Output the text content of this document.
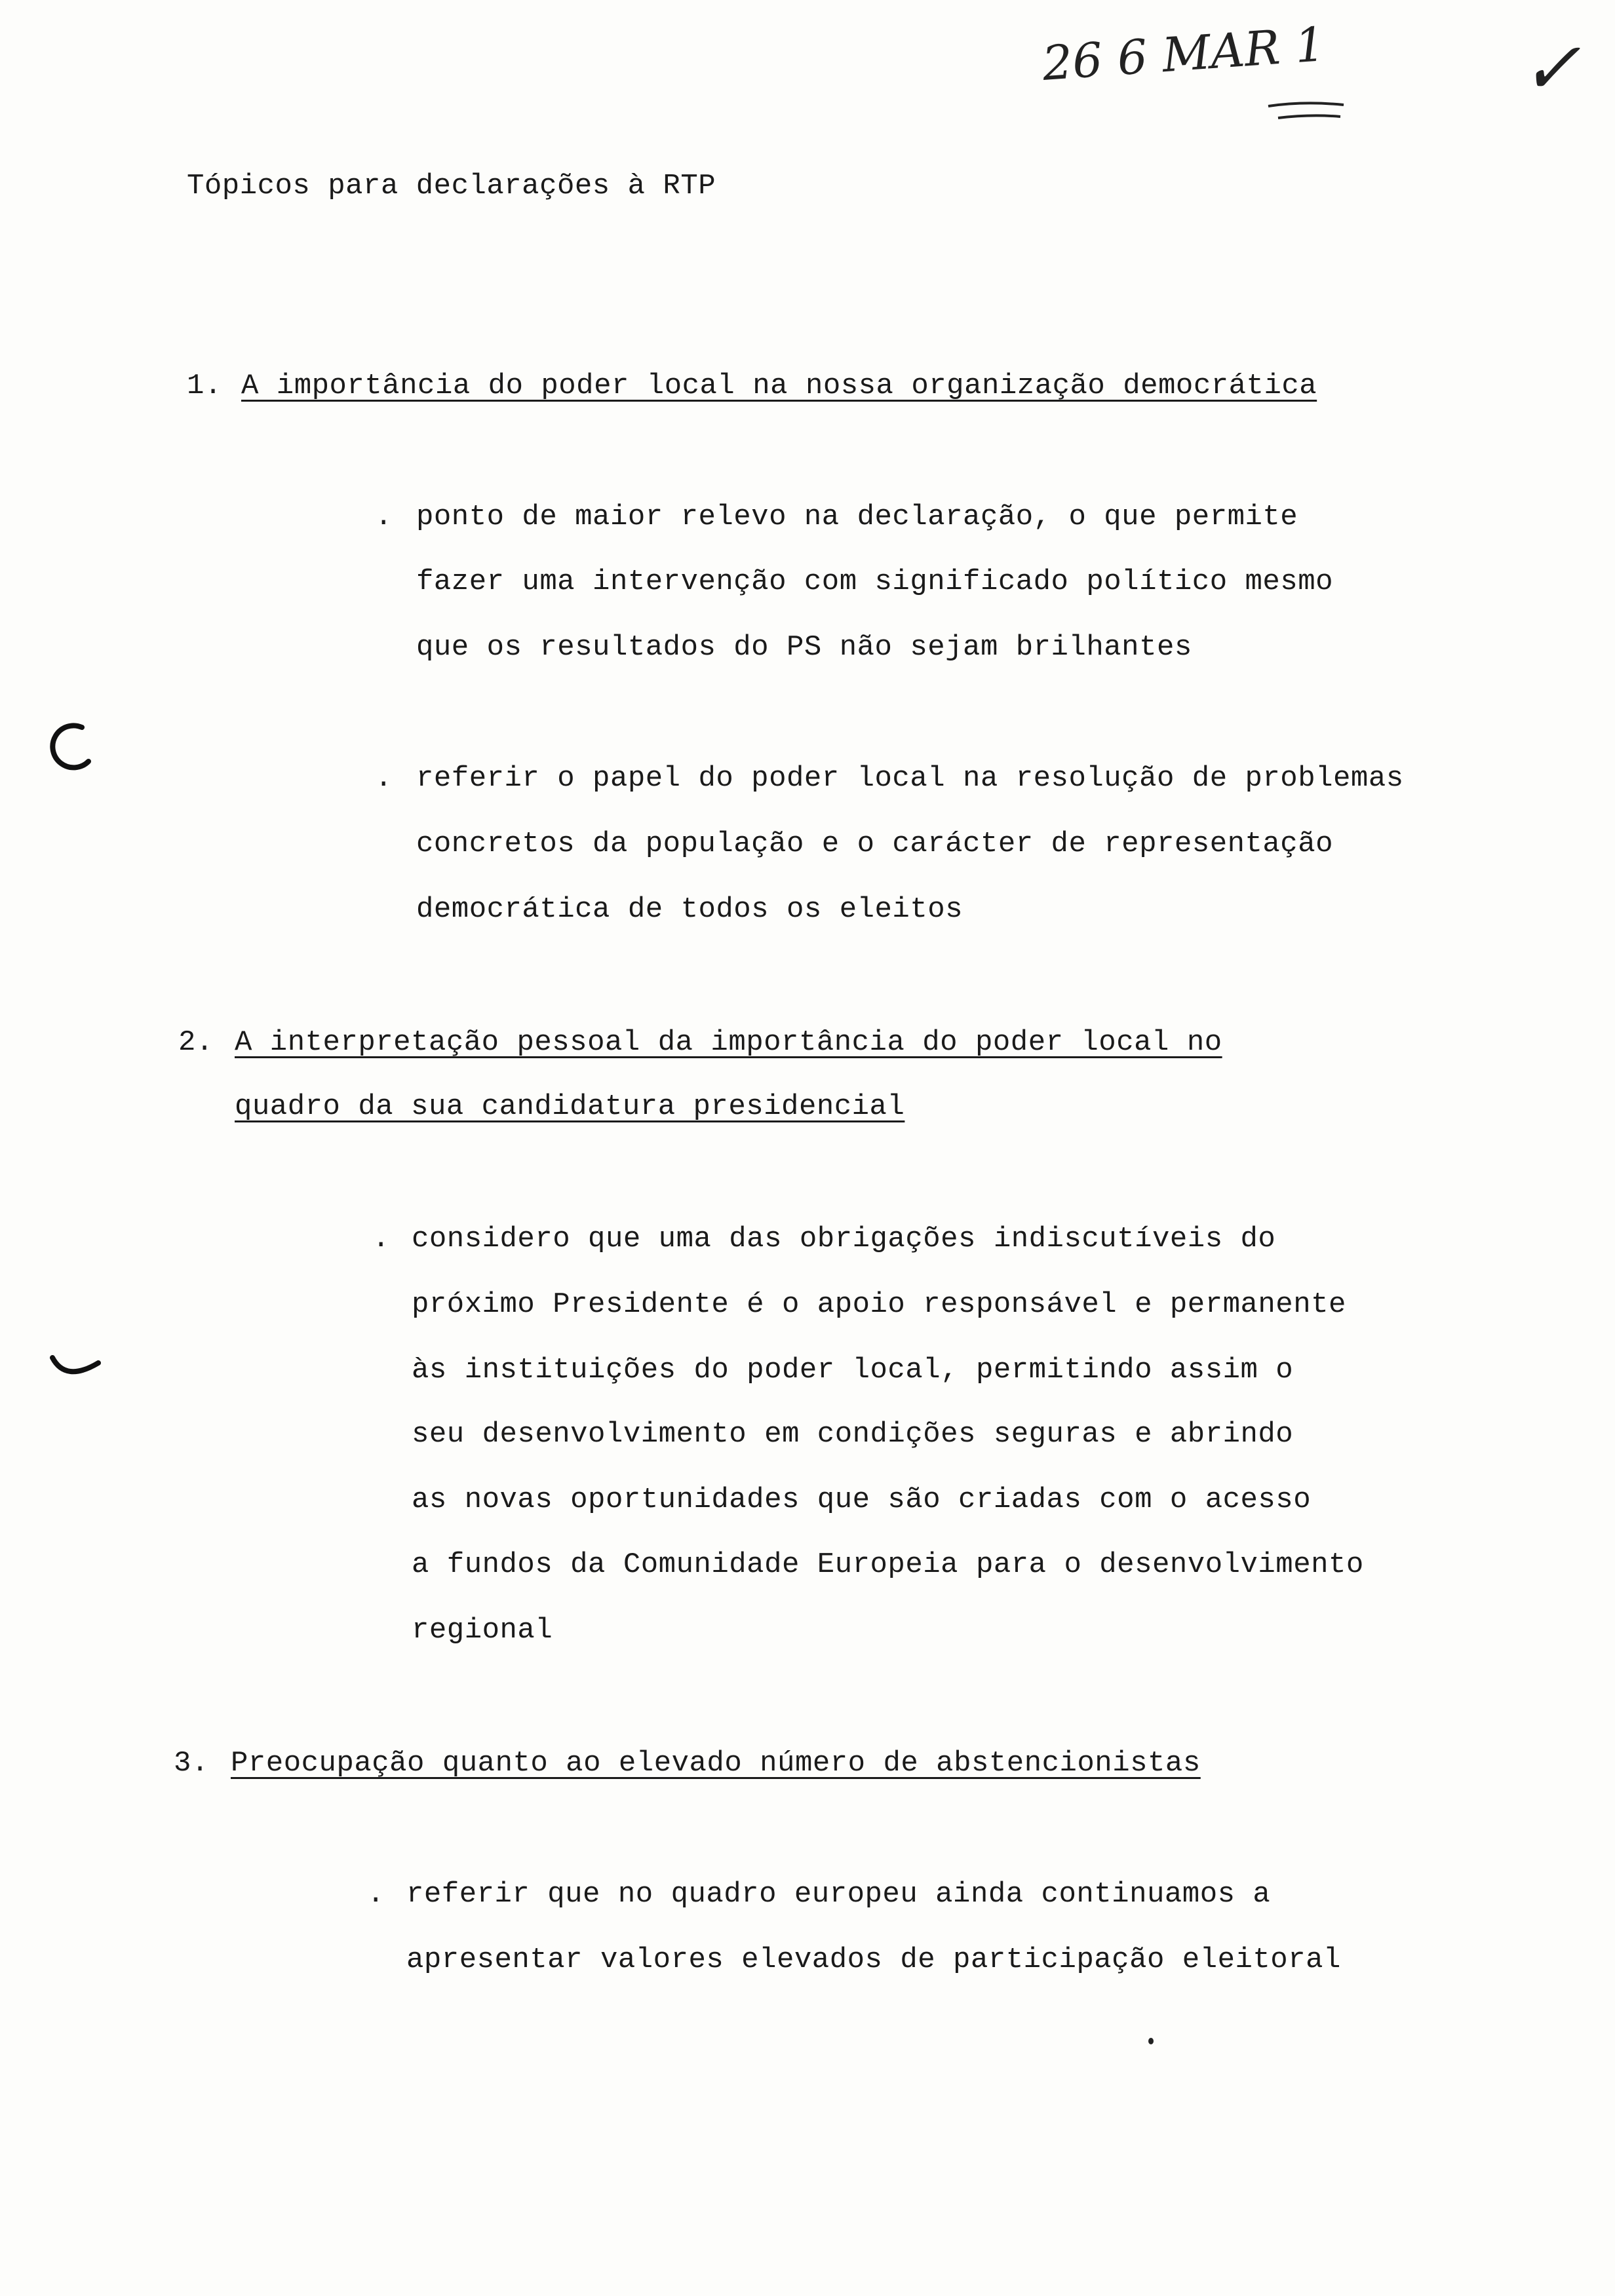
26 6 MAR 1	✓
Tópicos para declarações à RTP
1. A importância do poder local na nossa organização democrática
. ponto de maior relevo na declaração, o que permite
fazer uma intervenção com significado político mesmo
que os resultados do PS não sejam brilhantes
. referir o papel do poder local na resolução de problemas
concretos da população e o carácter de representação
democrática de todos os eleitos
2. A interpretação pessoal da importância do poder local no
quadro da sua candidatura presidencial
. considero que uma das obrigações indiscutíveis do
próximo Presidente é o apoio responsável e permanente
às instituições do poder local, permitindo assim o
seu desenvolvimento em condições seguras e abrindo
as novas oportunidades que são criadas com o acesso
a fundos da Comunidade Europeia para o desenvolvimento
regional
3. Preocupação quanto ao elevado número de abstencionistas
. referir que no quadro europeu ainda continuamos a
apresentar valores elevados de participação eleitoral
